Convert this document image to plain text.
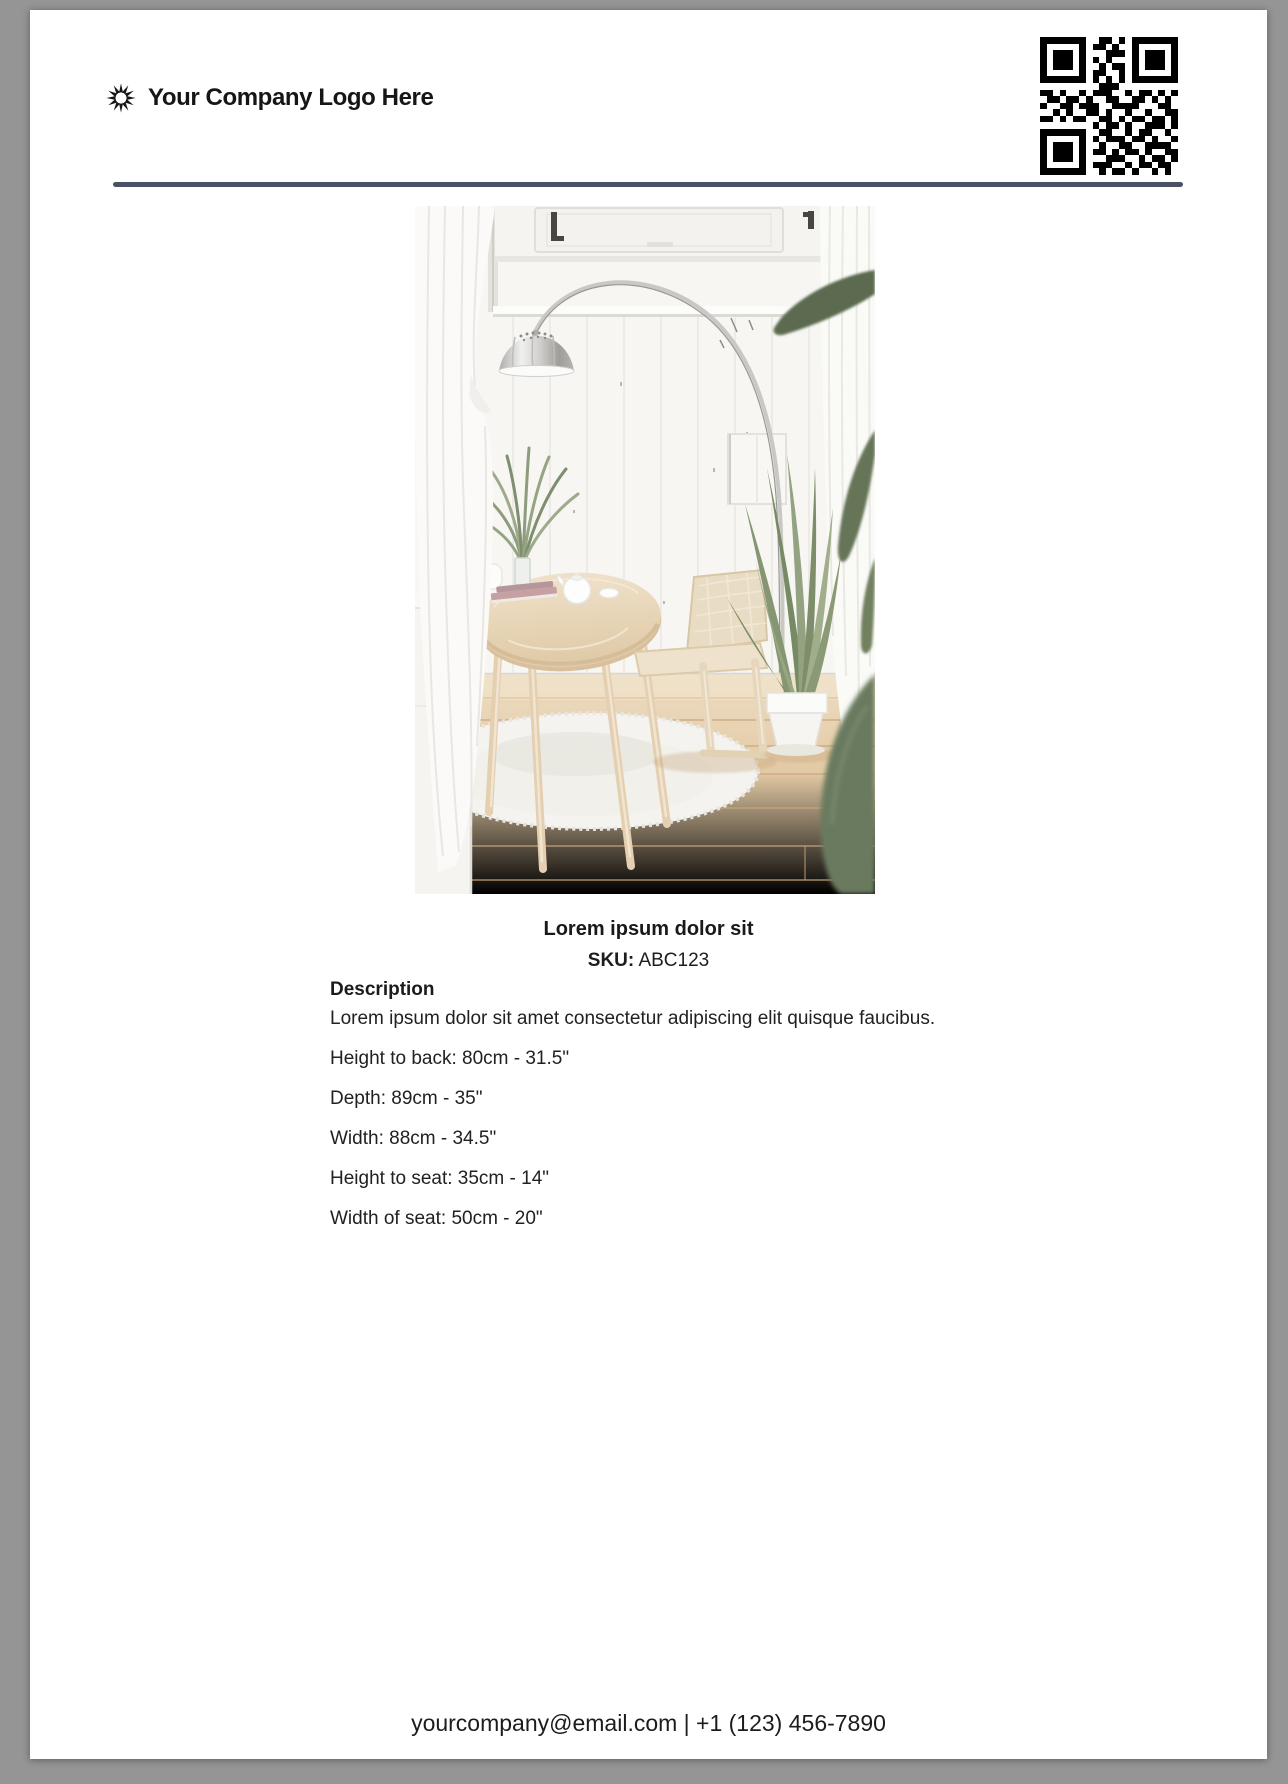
Your Company Logo Here
Lorem ipsum dolor sit
SKU: ABC123
Description

Lorem ipsum dolor sit amet consectetur adipiscing elit quisque faucibus.

Height to back: 80cm - 31.5"

Depth: 89cm - 35"

Width: 88cm - 34.5"

Height to seat: 35cm - 14"

Width of seat: 50cm - 20"

yourcompany@email.com | +1 (123) 456-7890
